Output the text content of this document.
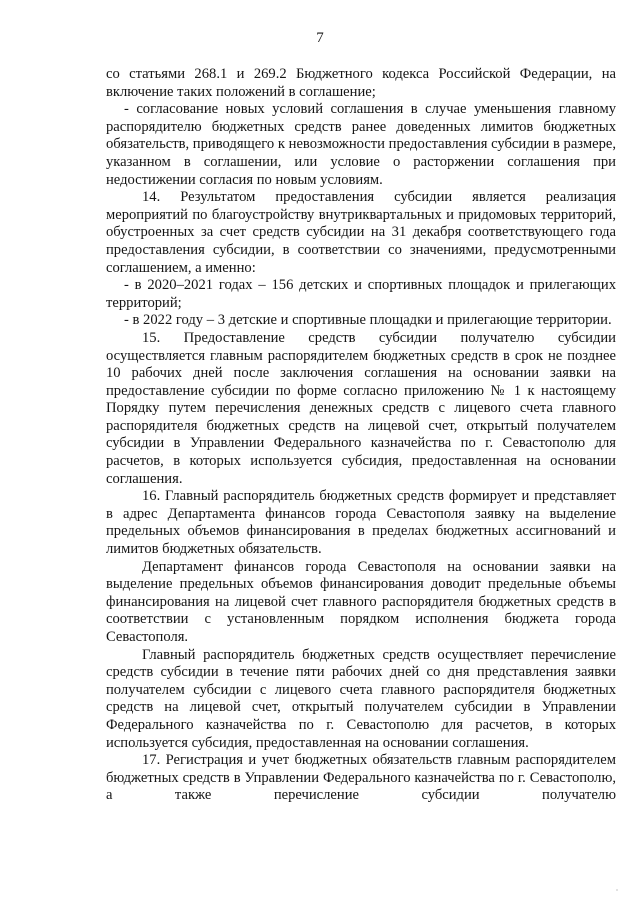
7

со статьями 268.1 и 269.2 Бюджетного кодекса Российской Федерации, на включение таких положений в соглашение;

- согласование новых условий соглашения в случае уменьшения главному распорядителю бюджетных средств ранее доведенных лимитов бюджетных обязательств, приводящего к невозможности предоставления субсидии в размере, указанном в соглашении, или условие о расторжении соглашения при недостижении согласия по новым условиям.

14. Результатом предоставления субсидии является реализация мероприятий по благоустройству внутриквартальных и придомовых территорий, обустроенных за счет средств субсидии на 31 декабря соответствующего года предоставления субсидии, в соответствии со значениями, предусмотренными соглашением, а именно:

- в 2020–2021 годах – 156 детских и спортивных площадок и прилегающих территорий;

- в 2022 году – 3 детские и спортивные площадки и прилегающие территории.

15. Предоставление средств субсидии получателю субсидии осуществляется главным распорядителем бюджетных средств в срок не позднее 10 рабочих дней после заключения соглашения на основании заявки на предоставление субсидии по форме согласно приложению № 1 к настоящему Порядку путем перечисления денежных средств с лицевого счета главного распорядителя бюджетных средств на лицевой счет, открытый получателем субсидии в Управлении Федерального казначейства по г. Севастополю для расчетов, в которых используется субсидия, предоставленная на основании соглашения.

16. Главный распорядитель бюджетных средств формирует и представляет в адрес Департамента финансов города Севастополя заявку на выделение предельных объемов финансирования в пределах бюджетных ассигнований и лимитов бюджетных обязательств.

Департамент финансов города Севастополя на основании заявки на выделение предельных объемов финансирования доводит предельные объемы финансирования на лицевой счет главного распорядителя бюджетных средств в соответствии с установленным порядком исполнения бюджета города Севастополя.

Главный распорядитель бюджетных средств осуществляет перечисление средств субсидии в течение пяти рабочих дней со дня представления заявки получателем субсидии с лицевого счета главного распорядителя бюджетных средств на лицевой счет, открытый получателем субсидии в Управлении Федерального казначейства по г. Севастополю для расчетов, в которых используется субсидия, предоставленная на основании соглашения.

17. Регистрация и учет бюджетных обязательств главным распорядителем бюджетных средств в Управлении Федерального казначейства по г. Севастополю, а также перечисление субсидии получателю
